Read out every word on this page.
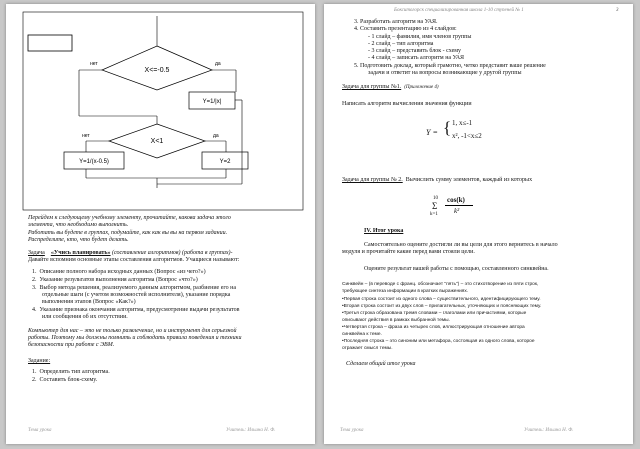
X<=-0.5
X<1
Y=1/|x|
Y=1/(x-0.5)	Y=2
нет	да
нет	да
Перейдем к следующему учебному элементу, прочитайте, какова задача этого
элемента, что необходимо выполнить.
Работать вы будете в группах, подумайте, как как вы вы на первом задании.
Распределите, кто, что будет делать.
Задача «Учись планировать» (составление алгоритмов) (работа в группах)-
Давайте вспомним основные этапы составления алгоритмов. Учащиеся называют:
1.  Описание полного набора исходных данных (Вопрос «из чего?»)
2.  Указание результатов выполнения алгоритма (Вопрос «что?»)
3.  Выбор метода решения, реализуемого данным алгоритмом, разбиение его на
отдельные шаги (с учетом возможностей исполнителя), указание порядка
выполнения этапов (Вопрос «Как?»)
4.  Указание признака окончания алгоритма, предусмотрение выдачи результатов
или сообщения об их отсутствии.
Компьютер для нас – это не только развлечение, но и инструмент для серьезной
работы. Поэтому мы должны помнить и соблюдать правила поведения и техники
безопасности при работе с ЭВМ.
Задание:
1.  Определить тип алгоритма.
2.  Составить блок-схему.
Тема урока	Учитель: Ильина Н. Ф.
Бокситогорск специализированная школа 1-10 ступеней № 1	3
3. Разработать алгоритм на УАЯ.
4. Составить презентацию из 4 слайдов:
- 1 слайд – фамилия, имя членов группы
- 2 слайд – тип алгоритма
- 3 слайд – представить блок - схему
- 4 слайд – записать алгоритм на УАЯ
5. Подготовить доклад, который грамотно, четко представит ваше решение
задачи и ответит на вопросы возникающие у другой группы
Задача для группы №1. (Приложение 4)
Написать алгоритм вычисления значения функции
Y = { 1, x≤-1
x², -1<x≤2
Задача для группы № 2. Вычислить сумму элементов, каждый из которых
10
Σ
k=1
cos(k)
k²
IV. Итог урока
Самостоятельно оцените достигли ли вы цели для этого вернитесь в начало
модуля и прочитайте какие перед вами стояли цели.
Оцените результат вашей работы с помощью, составленного синквейна.
Синквейн – (в переводе с франц. обозначает "пять") – это стихотворение из пяти строк,
требующее синтеза информации в кратких выражениях.
•Первая строка состоит из одного слова – существительного, идентифицирующего тему.
•Вторая строка состоит из двух слов – прилагательных, уточняющих и поясняющих тему.
•Третья строка образована тремя словами – глаголами или причастиями, которые
описывают действия в рамках выбранной темы.
•Четвертая строка – фраза из четырех слов, иллюстрирующая отношение автора
синквейна к теме.
•Последняя строка – это синоним или метафора, состоящая из одного слова, которое
отражает смысл темы.
Сделаем общий итог урока
Тема урока	Учитель: Ильина Н. Ф.
